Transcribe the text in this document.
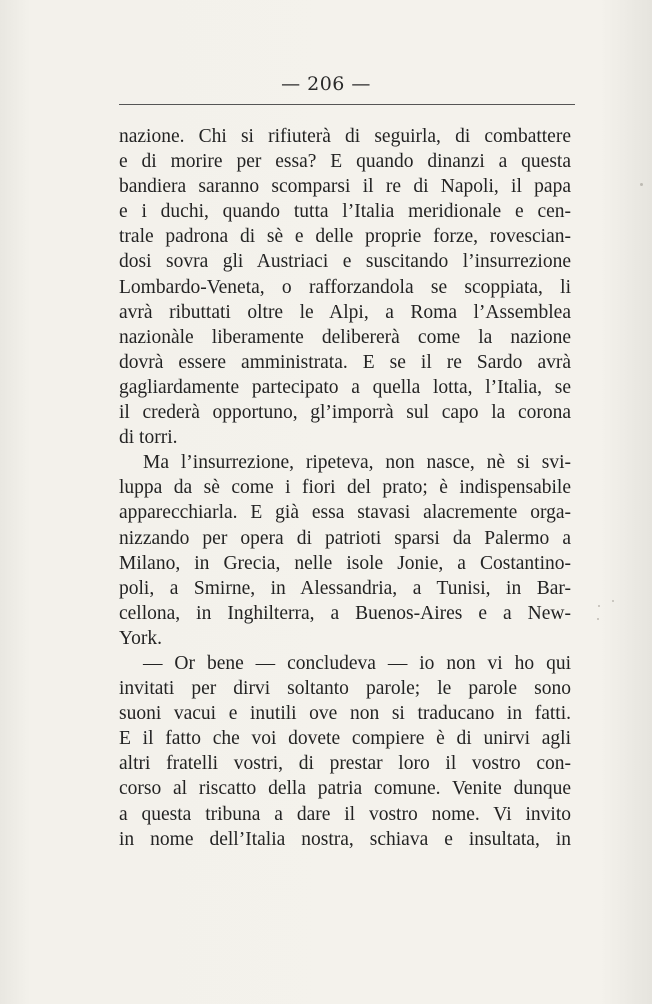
— 206 —
nazione. Chi si rifiuterà di seguirla, di combattere
e di morire per essa? E quando dinanzi a questa
bandiera saranno scomparsi il re di Napoli, il papa
e i duchi, quando tutta l’Italia meridionale e cen-
trale padrona di sè e delle proprie forze, rovescian-
dosi sovra gli Austriaci e suscitando l’insurrezione
Lombardo-Veneta, o rafforzandola se scoppiata, li
avrà ributtati oltre le Alpi, a Roma l’Assemblea
nazionàle liberamente delibererà come la nazione
dovrà essere amministrata. E se il re Sardo avrà
gagliardamente partecipato a quella lotta, l’Italia, se
il crederà opportuno, gl’imporrà sul capo la corona
di torri.
Ma l’insurrezione, ripeteva, non nasce, nè si svi-
luppa da sè come i fiori del prato; è indispensabile
apparecchiarla. E già essa stavasi alacremente orga-
nizzando per opera di patrioti sparsi da Palermo a
Milano, in Grecia, nelle isole Jonie, a Costantino-
poli, a Smirne, in Alessandria, a Tunisi, in Bar-
cellona, in Inghilterra, a Buenos-Aires e a New-
York.
— Or bene — concludeva — io non vi ho qui
invitati per dirvi soltanto parole; le parole sono
suoni vacui e inutili ove non si traducano in fatti.
E il fatto che voi dovete compiere è di unirvi agli
altri fratelli vostri, di prestar loro il vostro con-
corso al riscatto della patria comune. Venite dunque
a questa tribuna a dare il vostro nome. Vi invito
in nome dell’Italia nostra, schiava e insultata, in
